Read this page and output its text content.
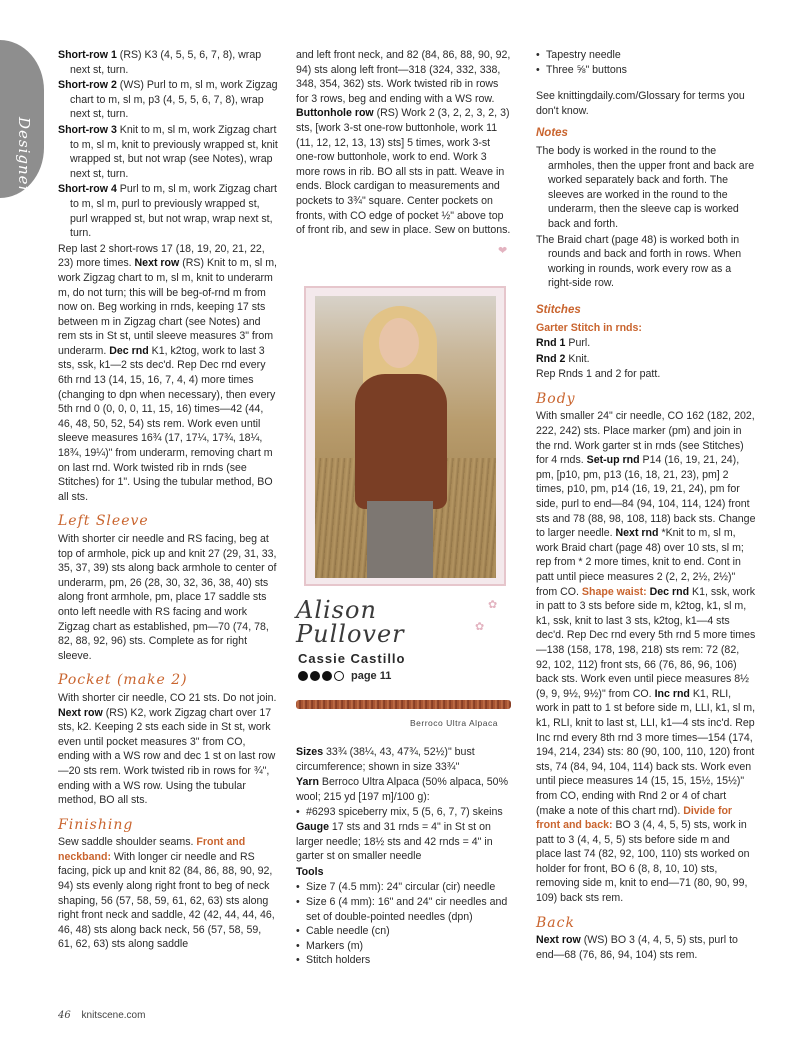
Designer
Short-row 1 (RS) K3 (4, 5, 5, 6, 7, 8), wrap next st, turn.
Short-row 2 (WS) Purl to m, sl m, work Zigzag chart to m, sl m, p3 (4, 5, 5, 6, 7, 8), wrap next st, turn.
Short-row 3 Knit to m, sl m, work Zigzag chart to m, sl m, knit to previously wrapped st, knit wrapped st, but not wrap (see Notes), wrap next st, turn.
Short-row 4 Purl to m, sl m, work Zigzag chart to m, sl m, purl to previously wrapped st, purl wrapped st, but not wrap, wrap next st, turn.
Rep last 2 short-rows 17 (18, 19, 20, 21, 22, 23) more times. Next row (RS) Knit to m, sl m, work Zigzag chart to m, sl m, knit to underarm m, do not turn; this will be beg-of-rnd m from now on. Beg working in rnds, keeping 17 sts between m in Zigzag chart (see Notes) and rem sts in St st, until sleeve measures 3" from underarm. Dec rnd K1, k2tog, work to last 3 sts, ssk, k1—2 sts dec'd. Rep Dec rnd every 6th rnd 13 (14, 15, 16, 7, 4, 4) more times (changing to dpn when necessary), then every 5th rnd 0 (0, 0, 0, 11, 15, 16) times—42 (44, 46, 48, 50, 52, 54) sts rem. Work even until sleeve measures 16¾ (17, 17¼, 17¾, 18¼, 18¾, 19¼)" from underarm, removing chart m on last rnd. Work twisted rib in rnds (see Stitches) for 1". Using the tubular method, BO all sts.
Left Sleeve
With shorter cir needle and RS facing, beg at top of armhole, pick up and knit 27 (29, 31, 33, 35, 37, 39) sts along back armhole to center of underarm, pm, 26 (28, 30, 32, 36, 38, 40) sts along front armhole, pm, place 17 saddle sts onto left needle with RS facing and work Zigzag chart as established, pm—70 (74, 78, 82, 88, 92, 96) sts. Complete as for right sleeve.
Pocket (make 2)
With shorter cir needle, CO 21 sts. Do not join. Next row (RS) K2, work Zigzag chart over 17 sts, k2. Keeping 2 sts each side in St st, work even until pocket measures 3" from CO, ending with a WS row and dec 1 st on last row—20 sts rem. Work twisted rib in rows for ¾", ending with a WS row. Using the tubular method, BO all sts.
Finishing
Sew saddle shoulder seams. Front and neckband: With longer cir needle and RS facing, pick up and knit 82 (84, 86, 88, 90, 92, 94) sts evenly along right front to beg of neck shaping, 56 (57, 58, 59, 61, 62, 63) sts along right front neck and saddle, 42 (42, 44, 44, 46, 46, 48) sts along back neck, 56 (57, 58, 59, 61, 62, 63) sts along saddle
and left front neck, and 82 (84, 86, 88, 90, 92, 94) sts along left front—318 (324, 332, 338, 348, 354, 362) sts. Work twisted rib in rows for 3 rows, beg and ending with a WS row. Buttonhole row (RS) Work 2 (3, 2, 2, 3, 2, 3) sts, [work 3-st one-row buttonhole, work 11 (11, 12, 12, 13, 13) sts] 5 times, work 3-st one-row buttonhole, work to end. Work 3 more rows in rib. BO all sts in patt. Weave in ends. Block cardigan to measurements and pockets to 3¾" square. Center pockets on fronts, with CO edge of pocket ½" above top of front rib, and sew in place. Sew on buttons.
❤
✿
✿
Alison
Pullover
Cassie Castillo
page 11
Berroco Ultra Alpaca
Sizes 33¾ (38¼, 43, 47¾, 52½)" bust circumference; shown in size 33¾"
Yarn Berroco Ultra Alpaca (50% alpaca, 50% wool; 215 yd [197 m]/100 g):
• #6293 spiceberry mix, 5 (5, 6, 7, 7) skeins
Gauge 17 sts and 31 rnds = 4" in St st on larger needle; 18½ sts and 42 rnds = 4" in garter st on smaller needle
Tools
• Size 7 (4.5 mm): 24" circular (cir) needle
• Size 6 (4 mm): 16" and 24" cir needles and set of double-pointed needles (dpn)
• Cable needle (cn)
• Markers (m)
• Stitch holders
• Tapestry needle
• Three ⅝" buttons
See knittingdaily.com/Glossary for terms you don't know.
Notes
The body is worked in the round to the armholes, then the upper front and back are worked separately back and forth. The sleeves are worked in the round to the underarm, then the sleeve cap is worked back and forth.
The Braid chart (page 48) is worked both in rounds and back and forth in rows. When working in rounds, work every row as a right-side row.
Stitches
Garter Stitch in rnds:
Rnd 1 Purl.
Rnd 2 Knit.
Rep Rnds 1 and 2 for patt.
Body
With smaller 24" cir needle, CO 162 (182, 202, 222, 242) sts. Place marker (pm) and join in the rnd. Work garter st in rnds (see Stitches) for 4 rnds. Set-up rnd P14 (16, 19, 21, 24), pm, [p10, pm, p13 (16, 18, 21, 23), pm] 2 times, p10, pm, p14 (16, 19, 21, 24), pm for side, purl to end—84 (94, 104, 114, 124) front sts and 78 (88, 98, 108, 118) back sts. Change to larger needle. Next rnd *Knit to m, sl m, work Braid chart (page 48) over 10 sts, sl m; rep from * 2 more times, knit to end. Cont in patt until piece measures 2 (2, 2, 2½, 2½)" from CO. Shape waist: Dec rnd K1, ssk, work in patt to 3 sts before side m, k2tog, k1, sl m, k1, ssk, knit to last 3 sts, k2tog, k1—4 sts dec'd. Rep Dec rnd every 5th rnd 5 more times—138 (158, 178, 198, 218) sts rem: 72 (82, 92, 102, 112) front sts, 66 (76, 86, 96, 106) back sts. Work even until piece measures 8½ (9, 9, 9½, 9½)" from CO. Inc rnd K1, RLI, work in patt to 1 st before side m, LLI, k1, sl m, k1, RLI, knit to last st, LLI, k1—4 sts inc'd. Rep Inc rnd every 8th rnd 3 more times—154 (174, 194, 214, 234) sts: 80 (90, 100, 110, 120) front sts, 74 (84, 94, 104, 114) back sts. Work even until piece measures 14 (15, 15, 15½, 15½)" from CO, ending with Rnd 2 or 4 of chart (make a note of this chart rnd). Divide for front and back: BO 3 (4, 4, 5, 5) sts, work in patt to 3 (4, 4, 5, 5) sts before side m and place last 74 (82, 92, 100, 110) sts worked on holder for front, BO 6 (8, 8, 10, 10) sts, removing side m, knit to end—71 (80, 90, 99, 109) back sts rem.
Back
Next row (WS) BO 3 (4, 4, 5, 5) sts, purl to end—68 (76, 86, 94, 104) sts rem.
46 knitscene.com
